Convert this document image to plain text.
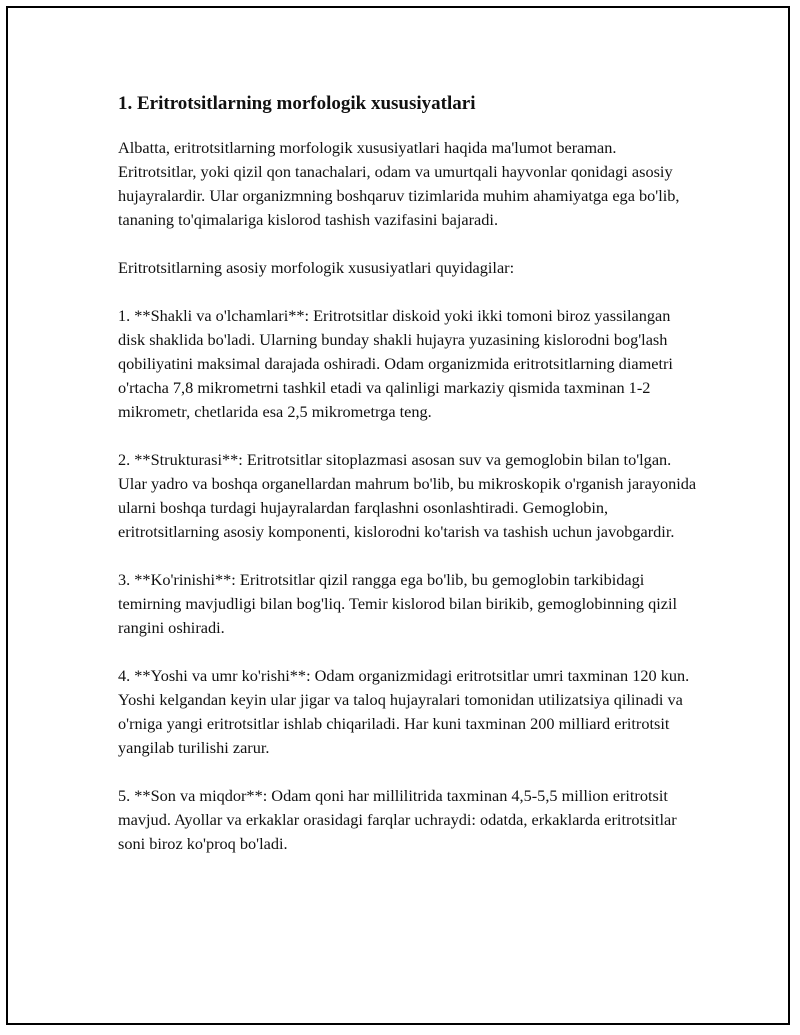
1. Eritrotsitlarning morfologik xususiyatlari

Albatta, eritrotsitlarning morfologik xususiyatlari haqida ma'lumot beraman. Eritrotsitlar, yoki qizil qon tanachalari, odam va umurtqali hayvonlar qonidagi asosiy hujayralardir. Ular organizmning boshqaruv tizimlarida muhim ahamiyatga ega bo'lib, tananing to'qimalariga kislorod tashish vazifasini bajaradi.

Eritrotsitlarning asosiy morfologik xususiyatlari quyidagilar:

1. **Shakli va o'lchamlari**: Eritrotsitlar diskoid yoki ikki tomoni biroz yassilangan disk shaklida bo'ladi. Ularning bunday shakli hujayra yuzasining kislorodni bog'lash qobiliyatini maksimal darajada oshiradi. Odam organizmida eritrotsitlarning diametri o'rtacha 7,8 mikrometrni tashkil etadi va qalinligi markaziy qismida taxminan 1-2 mikrometr, chetlarida esa 2,5 mikrometrga teng.

2. **Strukturasi**: Eritrotsitlar sitoplazmasi asosan suv va gemoglobin bilan to'lgan. Ular yadro va boshqa organellardan mahrum bo'lib, bu mikroskopik o'rganish jarayonida ularni boshqa turdagi hujayralardan farqlashni osonlashtiradi. Gemoglobin, eritrotsitlarning asosiy komponenti, kislorodni ko'tarish va tashish uchun javobgardir.

3. **Ko'rinishi**: Eritrotsitlar qizil rangga ega bo'lib, bu gemoglobin tarkibidagi temirning mavjudligi bilan bog'liq. Temir kislorod bilan birikib, gemoglobinning qizil rangini oshiradi.

4. **Yoshi va umr ko'rishi**: Odam organizmidagi eritrotsitlar umri taxminan 120 kun. Yoshi kelgandan keyin ular jigar va taloq hujayralari tomonidan utilizatsiya qilinadi va o'rniga yangi eritrotsitlar ishlab chiqariladi. Har kuni taxminan 200 milliard eritrotsit yangilab turilishi zarur.

5. **Son va miqdor**: Odam qoni har millilitrida taxminan 4,5-5,5 million eritrotsit mavjud. Ayollar va erkaklar orasidagi farqlar uchraydi: odatda, erkaklarda eritrotsitlar soni biroz ko'proq bo'ladi.
